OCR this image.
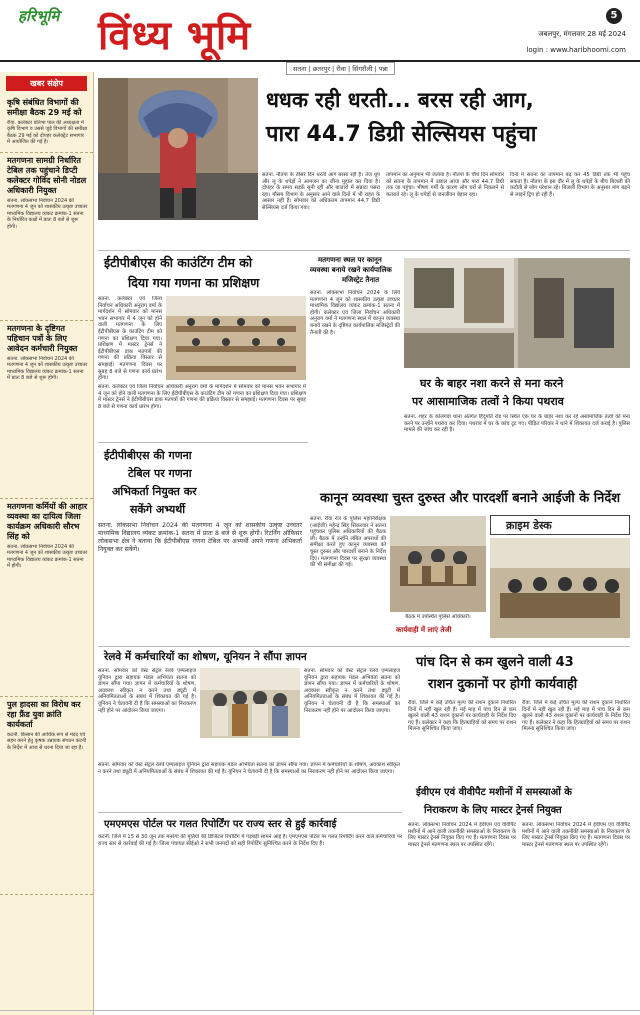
हरिभूमि विंध्य भूमि	5
जबलपुर, मंगलवार 28 मई 2024
login : www.haribhoomi.com
सतना | छतरपुर | रीवा | सिंगरौली | पन्ना
खबर संक्षेप
कृषि संबंधित विभागों की समीक्षा बैठक 29 मई को
रीवा. कलेक्टर प्रतिभा पाल की अध्यक्षता में कृषि विभाग व उससे जुड़े विभागों की समीक्षा बैठक 29 मई को दोपहर कलेक्ट्रेट सभागार में आयोजित की गई है।
मतगणना सामग्री निर्धारित टेबिल तक पहुंचाने डिप्टी कलेक्टर गोविंद सोनी नोडल अधिकारी नियुक्त
सतना. लोकसभा निर्वाचन 2024 की मतगणना 4 जून को शासकीय उत्कृष्ट उच्चतर माध्यमिक विद्यालय व्यंकट क्रमांक-1 सतना के निर्धारित कक्षों में प्रातः 8 बजे से शुरू होगी।
मतगणना के दृष्टिगत पहिचान पत्रों के लिए आवेदन कर्मचारी नियुक्त
सतना. लोकसभा निर्वाचन 2024 की मतगणना 4 जून को शासकीय उत्कृष्ट उच्चतर माध्यमिक विद्यालय व्यंकट क्रमांक-1 सतना में प्रातः 8 बजे से शुरू होगी।
मतगणना कर्मियों की आहार व्यवस्था का दायित्व जिला कार्यक्रम अधिकारी सौरभ सिंह को
सतना. लोकसभा निर्वाचन 2024 की मतगणना 4 जून को शासकीय उत्कृष्ट उच्चतर माध्यमिक विद्यालय व्यंकट क्रमांक-1 सतना में होगी।
पुल हादसा का विरोध कर रहा फ्रैंड युवा क्रांति कार्यकर्ता
कटनी. किसान की आर्थिक रूप से मदद एवं सहन करने हेतु कृषक उन्नायक संगठन कटनी के निर्देश में आज से धरना दिया जा रहा है।
धधक रही धरती... बरस रही आग,
पारा 44.7 डिग्री सेल्सियस पहुंचा
सतना. नौतपा के तीसरे दिन धरती आग बरसा रही है। तेज धूप और लू के थपेड़ों ने आमजन का जीना मुहाल कर दिया है। दोपहर के समय सड़कें सूनी रहीं और बाजारों में सन्नाटा पसरा रहा। मौसम विभाग के अनुसार आने वाले दिनों में भी राहत के आसार नहीं हैं। सोमवार को अधिकतम तापमान 44.7 डिग्री सेल्सियस दर्ज किया गया।
तापमान का अनुमान भी जताया है। नौतपा के चौथे दिन सोमवार को सतना के तापमान में उछाल आया और पारा 44.7 डिग्री तक जा पहुंचा। भीषण गर्मी के कारण लोग घरों से निकलने से कतराते रहे। लू के थपेड़ों से जनजीवन बेहाल रहा।
दिनों में सतना का तापमान बढ़ कर 45 डिग्री तक भी पहुंच सकता है। नौतपा के इस दौर में लू के थपेड़ों के बीच बिजली की कटौती से लोग परेशान रहे। बिजली विभाग के अनुसार मांग बढ़ने से लाइनें ट्रिप हो रही हैं।
ईटीपीबीएस की काउंटिंग टीम को
दिया गया गणना का प्रशिक्षण
सतना. कलेक्टर एवं जिला निर्वाचन अधिकारी अनुराग वर्मा के मार्गदर्शन में सोमवार को मानस भवन सभागार में 4 जून को होने वाली मतगणना के लिए ईटीपीबीएस के काउंटिंग टीम को गणना का प्रशिक्षण दिया गया। प्रशिक्षण में मास्टर ट्रेनर्स ने ईटीपीबीएस डाक मतपत्रों की गणना की प्रक्रिया विस्तार से समझाई। मतगणना दिवस पर सुबह 8 बजे से गणना कार्य प्रारंभ होगा।
सतना. कलेक्टर एवं जिला निर्वाचन अधिकारी अनुराग वर्मा के मार्गदर्शन में सोमवार को मानस भवन सभागार में 4 जून को होने वाली मतगणना के लिए ईटीपीबीएस के काउंटिंग टीम को गणना का प्रशिक्षण दिया गया। प्रशिक्षण में मास्टर ट्रेनर्स ने ईटीपीबीएस डाक मतपत्रों की गणना की प्रक्रिया विस्तार से समझाई। मतगणना दिवस पर सुबह 8 बजे से गणना कार्य प्रारंभ होगा।
मतगणना स्थल पर कानून
व्यवस्था बनाये रखने कार्यपालिक
मजिस्ट्रेट तैनात
सतना. लोकसभा निर्वाचन 2024 के लिये मतगणना 4 जून को शासकीय उत्कृष्ट उच्चतर माध्यमिक विद्यालय व्यंकट क्रमांक-1 सतना में होगी। कलेक्टर एवं जिला निर्वाचन अधिकारी अनुराग वर्मा ने मतगणना स्थल में कानून व्यवस्था बनाये रखने के दृष्टिगत कार्यपालिक मजिस्ट्रेटों की तैनाती की है।
घर के बाहर नशा करने से मना करने
पर आसामाजिक तत्वों ने किया पथराव
सतना. शहर के कोलगवां थाना अंतर्गत हिंदूपति रोड पर स्थित एक घर के बाहर नशा कर रहे असामाजिक तत्वों को मना करने पर उन्होंने पथराव कर दिया। पथराव में घर के कांच टूट गए। पीड़ित परिवार ने थाने में शिकायत दर्ज कराई है। पुलिस मामले की जांच कर रही है।
ईटीपीबीएस की गणना
टेबिल पर गणना
अभिकर्ता नियुक्त कर
सकेंगे अभ्यर्थी
सतना. लोकसभा निर्वाचन 2024 की मतगणना 4 जून को शासकीय उत्कृष्ट उच्चतर माध्यमिक विद्यालय व्यंकट क्रमांक-1 सतना में प्रातः 8 बजे से शुरू होगी। रिटर्निंग ऑफिसर लोकसभा क्षेत्र ने बताया कि ईटीपीबीएस गणना टेबिल पर अभ्यर्थी अपने गणना अभिकर्ता नियुक्त कर सकेंगे।
कानून व्यवस्था चुस्त दुरुस्त और पारदर्शी बनाने आईजी के निर्देश
क्राइम डेस्क
सतना. रीवा रेंज के पुलिस महानिरीक्षक (आईजी) महेन्द्र सिंह सिकरवार ने सतना पहुंचकर पुलिस अधिकारियों की बैठक ली। बैठक में उन्होंने लंबित अपराधों की समीक्षा करते हुए कानून व्यवस्था को चुस्त दुरुस्त और पारदर्शी बनाने के निर्देश दिए। मतगणना दिवस पर सुरक्षा व्यवस्था की भी समीक्षा की गई।
बैठक में उपस्थित पुलिस अधिकारी।
कार्यवाही में लाएं तेजी
रेलवे में कर्मचारियों का शोषण, यूनियन ने सौंपा ज्ञापन
सतना. सोमवार को वेस्ट सेंट्रल रेलवे एम्पलाइज यूनियन द्वारा सहायक मंडल अभियंता सतना को ज्ञापन सौंपा गया। ज्ञापन में कर्मचारियों के शोषण, अवकाश स्वीकृत न करने तथा ड्यूटी में अनियमितताओं के संबंध में शिकायत की गई है। यूनियन ने चेतावनी दी है कि समस्याओं का निराकरण नहीं होने पर आंदोलन किया जाएगा।
सतना. सोमवार को वेस्ट सेंट्रल रेलवे एम्पलाइज यूनियन द्वारा सहायक मंडल अभियंता सतना को ज्ञापन सौंपा गया। ज्ञापन में कर्मचारियों के शोषण, अवकाश स्वीकृत न करने तथा ड्यूटी में अनियमितताओं के संबंध में शिकायत की गई है। यूनियन ने चेतावनी दी है कि समस्याओं का निराकरण नहीं होने पर आंदोलन किया जाएगा।
सतना. सोमवार को वेस्ट सेंट्रल रेलवे एम्पलाइज यूनियन द्वारा सहायक मंडल अभियंता सतना को ज्ञापन सौंपा गया। ज्ञापन में कर्मचारियों के शोषण, अवकाश स्वीकृत न करने तथा ड्यूटी में अनियमितताओं के संबंध में शिकायत की गई है। यूनियन ने चेतावनी दी है कि समस्याओं का निराकरण नहीं होने पर आंदोलन किया जाएगा।
पांच दिन से कम खुलने वाली 43
राशन दुकानों पर होगी कार्यवाही
रीवा. जिले में कई उचित मूल्य की राशन दुकानें निर्धारित दिनों में नहीं खुल रही हैं। मई माह में पांच दिन से कम खुलने वाली 43 राशन दुकानों पर कार्यवाही के निर्देश दिए गए हैं। कलेक्टर ने कहा कि हितग्राहियों को समय पर राशन मिलना सुनिश्चित किया जाए।
रीवा. जिले में कई उचित मूल्य की राशन दुकानें निर्धारित दिनों में नहीं खुल रही हैं। मई माह में पांच दिन से कम खुलने वाली 43 राशन दुकानों पर कार्यवाही के निर्देश दिए गए हैं। कलेक्टर ने कहा कि हितग्राहियों को समय पर राशन मिलना सुनिश्चित किया जाए।
ईवीएम एवं वीवीपैट मशीनों में समस्याओं के
निराकरण के लिए मास्टर ट्रेनर्स नियुक्त
सतना. लोकसभा निर्वाचन 2024 में ईवीएम एवं वीवीपैट मशीनों में आने वाली तकनीकी समस्याओं के निराकरण के लिए मास्टर ट्रेनर्स नियुक्त किए गए हैं। मतगणना दिवस पर मास्टर ट्रेनर्स मतगणना स्थल पर उपस्थित रहेंगे।
सतना. लोकसभा निर्वाचन 2024 में ईवीएम एवं वीवीपैट मशीनों में आने वाली तकनीकी समस्याओं के निराकरण के लिए मास्टर ट्रेनर्स नियुक्त किए गए हैं। मतगणना दिवस पर मास्टर ट्रेनर्स मतगणना स्थल पर उपस्थित रहेंगे।
एमएमएस पोर्टल पर गलत रिपोर्टिंग पर राज्य स्तर से हुई कार्रवाई
कटनी. जिले में 15 से 30 जून तक मनरेगा की मूर्तियों की डिजिटल रिपोर्टिंग में गड़बड़ी सामने आई है। एमएमएस पोर्टल पर गलत रिपोर्टिंग करने वाले कर्मचारियों पर राज्य स्तर से कार्रवाई की गई है। जिला पंचायत सीईओ ने सभी जनपदों को सही रिपोर्टिंग सुनिश्चित करने के निर्देश दिए हैं।
